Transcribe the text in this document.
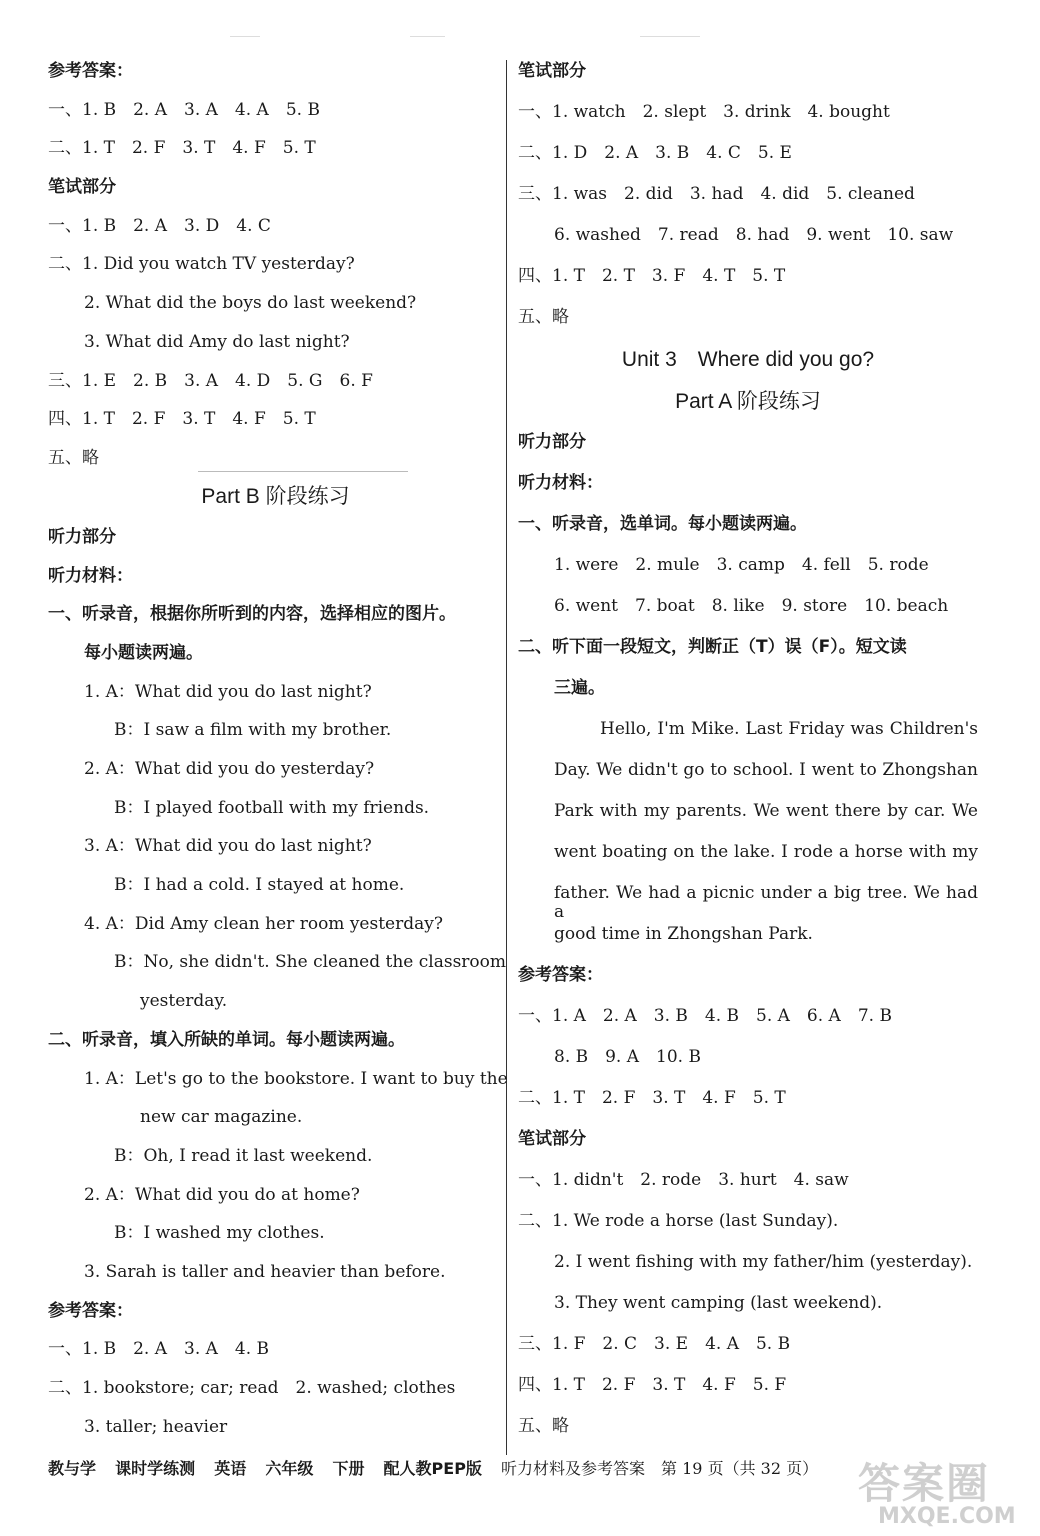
参考答案：
一、1. B　2. A　3. A　4. A　5. B
二、1. T　2. F　3. T　4. F　5. T
笔试部分
一、1. B　2. A　3. D　4. C
二、1. Did you watch TV yesterday?
2. What did the boys do last weekend?
3. What did Amy do last night?
三、1. E　2. B　3. A　4. D　5. G　6. F
四、1. T　2. F　3. T　4. F　5. T
五、略
Part B 阶段练习
听力部分
听力材料：
一、听录音，根据你所听到的内容，选择相应的图片。
每小题读两遍。
1. A：What did you do last night?
B：I saw a film with my brother.
2. A：What did you do yesterday?
B：I played football with my friends.
3. A：What did you do last night?
B：I had a cold. I stayed at home.
4. A：Did Amy clean her room yesterday?
B：No, she didn't. She cleaned the classroom
yesterday.
二、听录音，填入所缺的单词。每小题读两遍。
1. A：Let's go to the bookstore. I want to buy the
new car magazine.
B：Oh, I read it last weekend.
2. A：What did you do at home?
B：I washed my clothes.
3. Sarah is taller and heavier than before.
参考答案：
一、1. B　2. A　3. A　4. B
二、1. bookstore; car; read　2. washed; clothes
3. taller; heavier
笔试部分
一、1. watch　2. slept　3. drink　4. bought
二、1. D　2. A　3. B　4. C　5. E
三、1. was　2. did　3. had　4. did　5. cleaned
6. washed　7. read　8. had　9. went　10. saw
四、1. T　2. T　3. F　4. T　5. T
五、略
Unit 3　Where did you go?
Part A 阶段练习
听力部分
听力材料：
一、听录音，选单词。每小题读两遍。
1. were　2. mule　3. camp　4. fell　5. rode
6. went　7. boat　8. like　9. store　10. beach
二、听下面一段短文，判断正（T）误（F）。短文读
三遍。
Hello, I'm Mike. Last Friday was Children's
Day. We didn't go to school. I went to Zhongshan
Park with my parents. We went there by car. We
went boating on the lake. I rode a horse with my
father. We had a picnic under a big tree. We had a
good time in Zhongshan Park.
参考答案：
一、1. A　2. A　3. B　4. B　5. A　6. A　7. B
8. B　9. A　10. B
二、1. T　2. F　3. T　4. F　5. T
笔试部分
一、1. didn't　2. rode　3. hurt　4. saw
二、1. We rode a horse (last Sunday).
2. I went fishing with my father/him (yesterday).
3. They went camping (last weekend).
三、1. F　2. C　3. E　4. A　5. B
四、1. T　2. F　3. T　4. F　5. F
五、略
教与学 课时学练测 英语 六年级 下册 配人教PEP版 听力材料及参考答案　第 19 页（共 32 页） 答案圈
MXQE.COM
